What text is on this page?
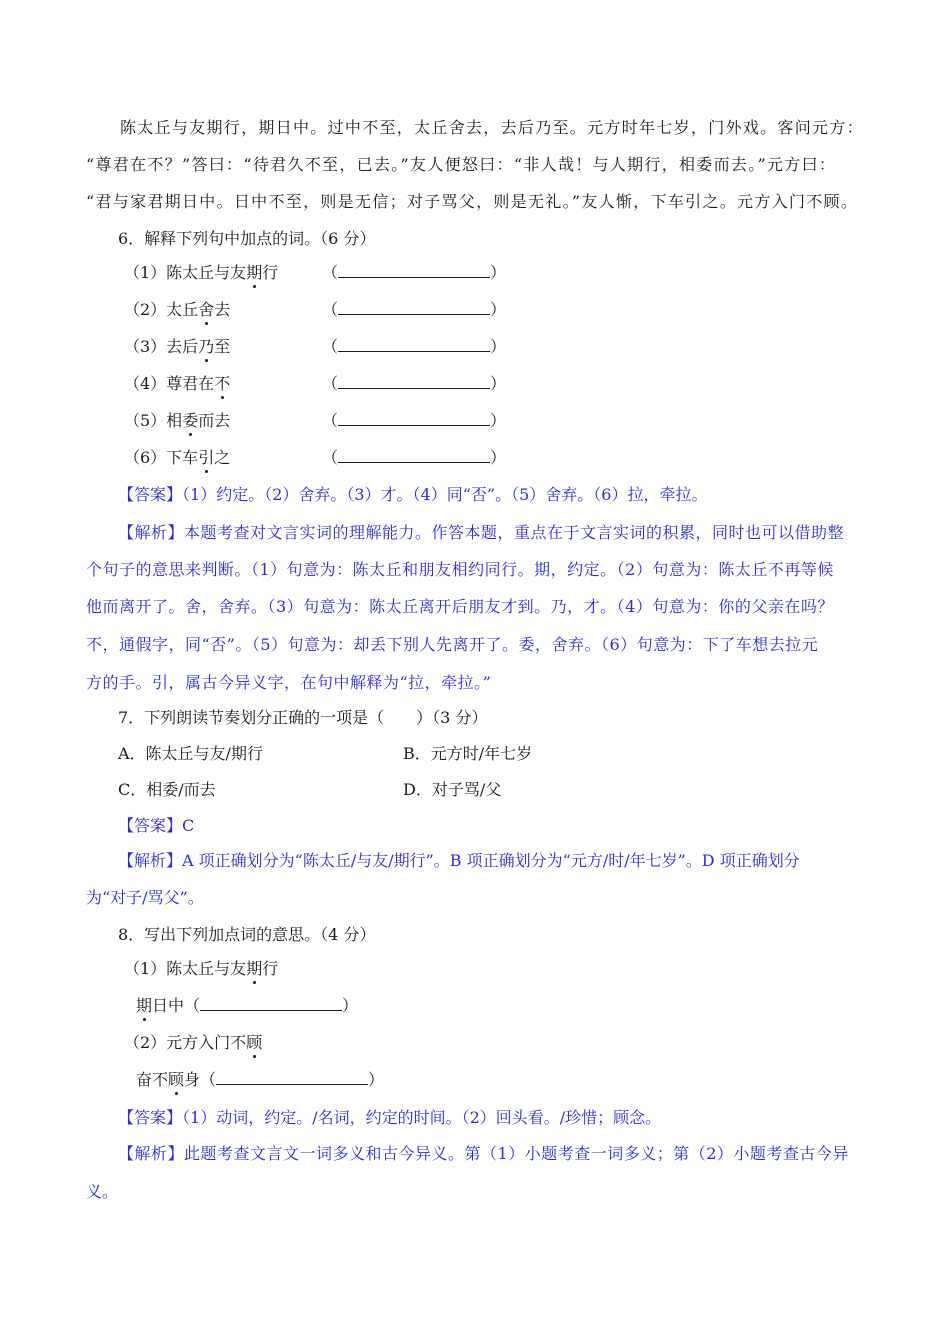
陈太丘与友期行，期日中。过中不至，太丘舍去，去后乃至。元方时年七岁，门外戏。客问元方：
“尊君在不？”答曰：“待君久不至，已去。”友人便怒曰：“非人哉！与人期行，相委而去。”元方曰：
“君与家君期日中。日中不至，则是无信；对子骂父，则是无礼。”友人惭，下车引之。元方入门不顾。
6．解释下列句中加点的词。（6 分）
（1）陈太丘与友期行	（	）
（2）太丘舍去	（	）
（3）去后乃至	（	）
（4）尊君在不	（	）
（5）相委而去	（	）
（6）下车引之	（	）
【答案】（1）约定。（2）舍弃。（3）才。（4）同“否”。（5）舍弃。（6）拉，牵拉。
【解析】本题考查对文言实词的理解能力。作答本题，重点在于文言实词的积累，同时也可以借助整
个句子的意思来判断。（1）句意为：陈太丘和朋友相约同行。期，约定。（2）句意为：陈太丘不再等候
他而离开了。舍，舍弃。（3）句意为：陈太丘离开后朋友才到。乃，才。（4）句意为：你的父亲在吗？
不，通假字，同“否”。（5）句意为：却丢下别人先离开了。委，舍弃。（6）句意为：下了车想去拉元
方的手。引，属古今异义字，在句中解释为“拉，牵拉。”
7．下列朗读节奏划分正确的一项是（　　）（3 分）
A．陈太丘与友/期行	B．元方时/年七岁
C．相委/而去	D．对子骂/父
【答案】C
【解析】A 项正确划分为“陈太丘/与友/期行”。B 项正确划分为“元方/时/年七岁”。D 项正确划分
为“对子/骂父”。
8．写出下列加点词的意思。（4 分）
（1）陈太丘与友期行
期日中（	）
（2）元方入门不顾
奋不顾身（	）
【答案】（1）动词，约定。/名词，约定的时间。（2）回头看。/珍惜；顾念。
【解析】此题考查文言文一词多义和古今异义。第（1）小题考查一词多义；第（2）小题考查古今异
义。
